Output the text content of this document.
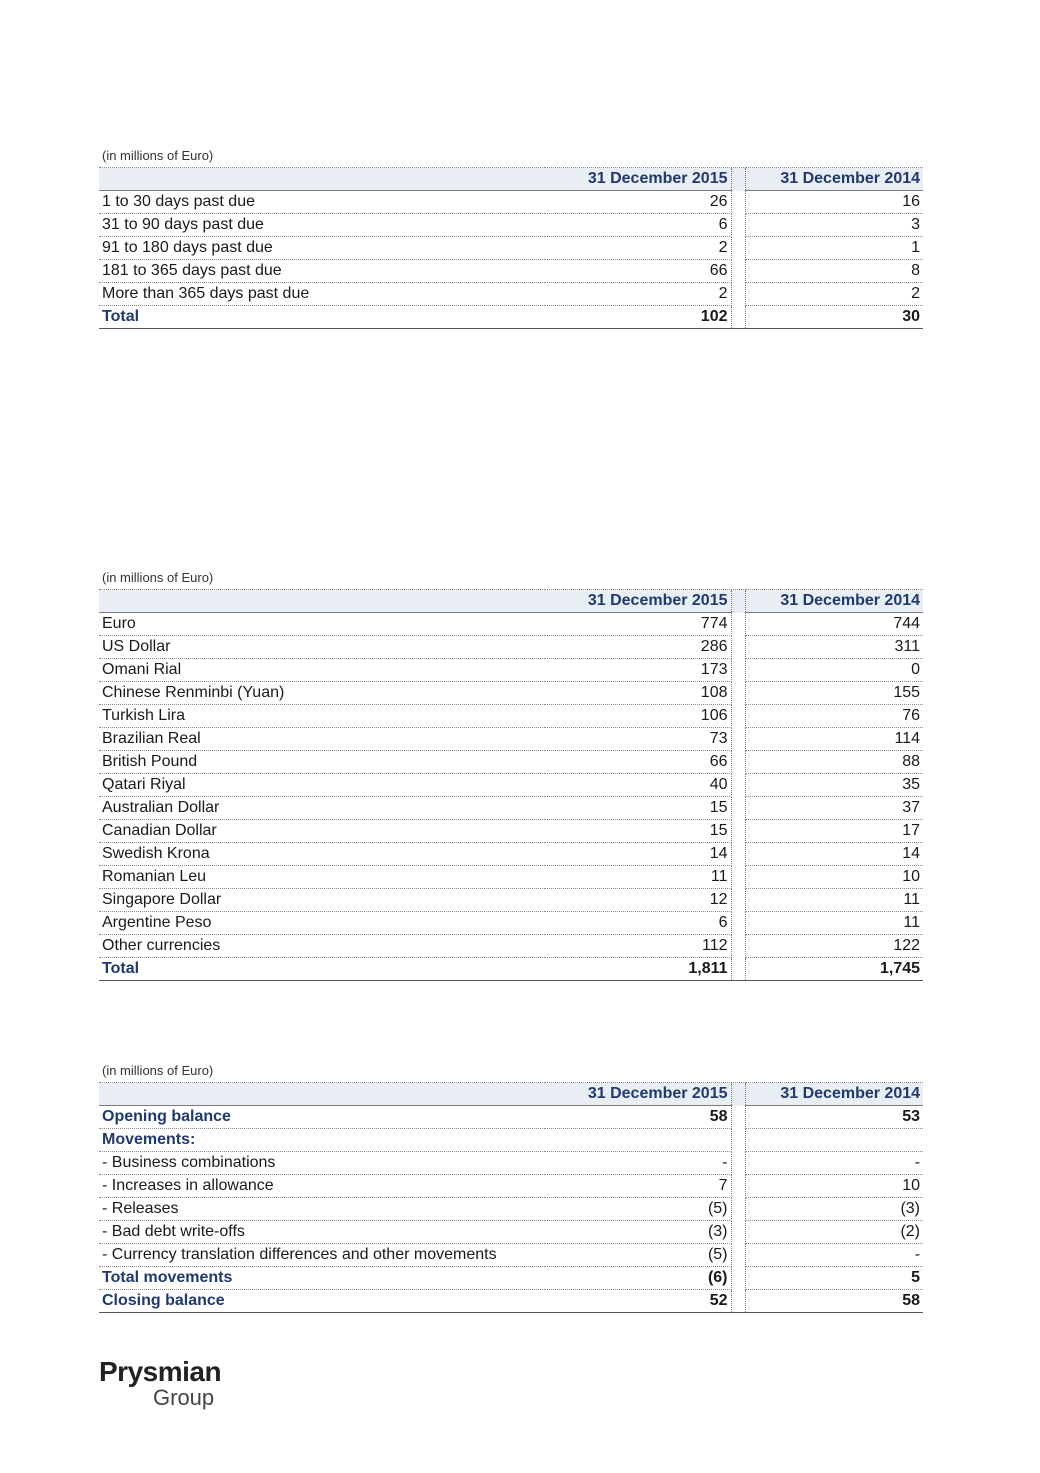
(in millions of Euro)			
	31 December 2015		31 December 2014
1 to 30 days past due	26		16
31 to 90 days past due	6		3
91 to 180 days past due	2		1
181 to 365 days past due	66		8
More than 365 days past due	2		2
Total	102		30
(in millions of Euro)			
	31 December 2015		31 December 2014
Euro	774		744
US Dollar	286		311
Omani Rial	173		0
Chinese Renminbi (Yuan)	108		155
Turkish Lira	106		76
Brazilian Real	73		114
British Pound	66		88
Qatari Riyal	40		35
Australian Dollar	15		37
Canadian Dollar	15		17
Swedish Krona	14		14
Romanian Leu	11		10
Singapore Dollar	12		11
Argentine Peso	6		11
Other currencies	112		122
Total	1,811		1,745
(in millions of Euro)			
	31 December 2015		31 December 2014
Opening balance	58		53
Movements:			
- Business combinations	-		-
- Increases in allowance	7		10
- Releases	(5)		(3)
- Bad debt write-offs	(3)		(2)
- Currency translation differences and other movements	(5)		-
Total movements	(6)		5
Closing balance	52		58
Prysmian
Group
